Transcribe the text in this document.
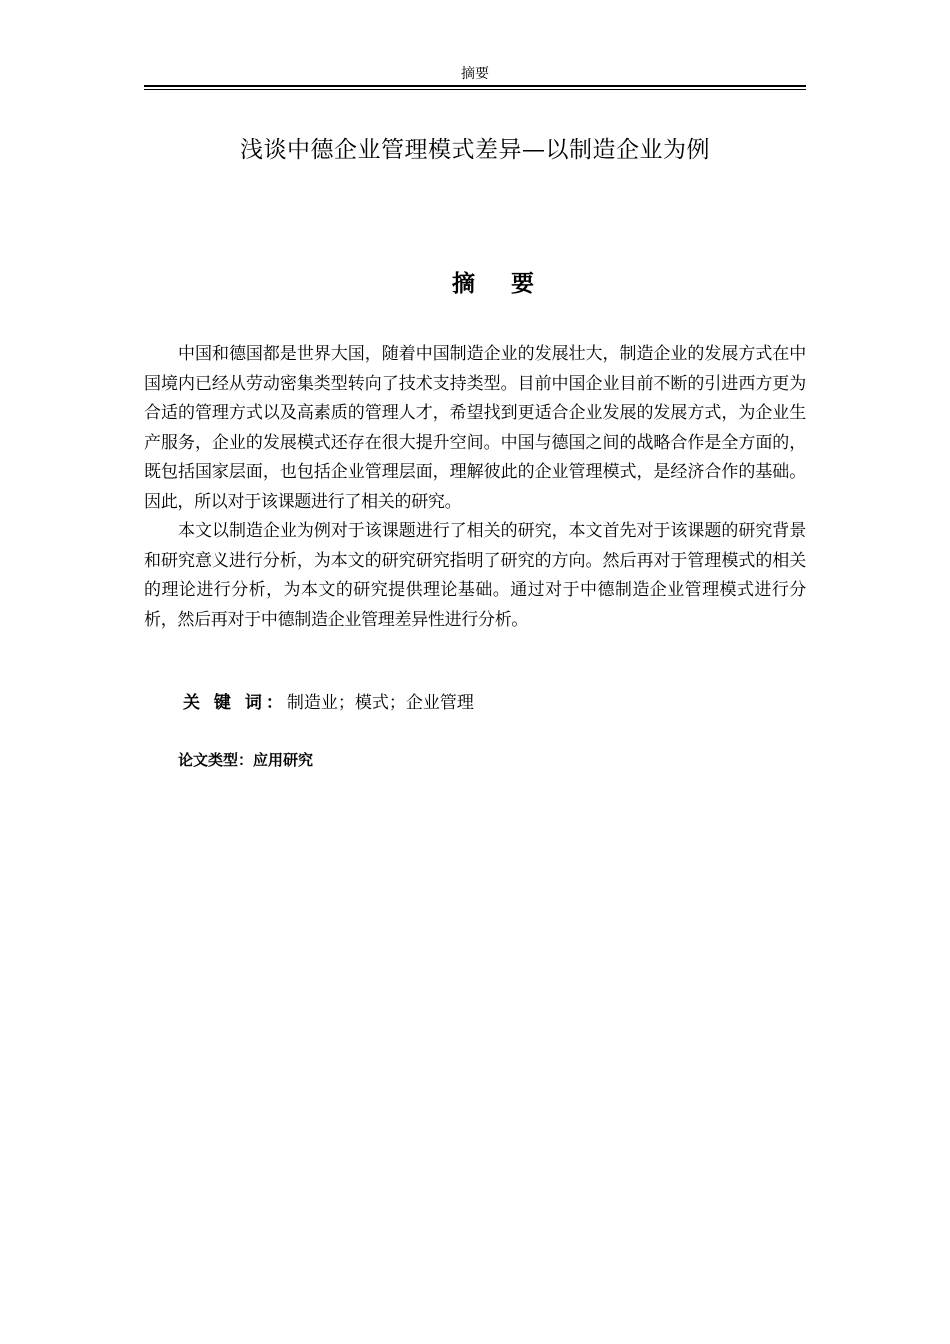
摘要
浅谈中德企业管理模式差异—以制造企业为例
摘 要

中国和德国都是世界大国，随着中国制造企业的发展壮大，制造企业的发展方式在中国境内已经从劳动密集类型转向了技术支持类型。目前中国企业目前不断的引进西方更为合适的管理方式以及高素质的管理人才，希望找到更适合企业发展的发展方式，为企业生产服务，企业的发展模式还存在很大提升空间。中国与德国之间的战略合作是全方面的，既包括国家层面，也包括企业管理层面，理解彼此的企业管理模式，是经济合作的基础。因此，所以对于该课题进行了相关的研究。

本文以制造企业为例对于该课题进行了相关的研究，本文首先对于该课题的研究背景和研究意义进行分析，为本文的研究研究指明了研究的方向。然后再对于管理模式的相关的理论进行分析，为本文的研究提供理论基础。通过对于中德制造企业管理模式进行分析，然后再对于中德制造企业管理差异性进行分析。

关 键 词：制造业；模式；企业管理
论文类型：应用研究
